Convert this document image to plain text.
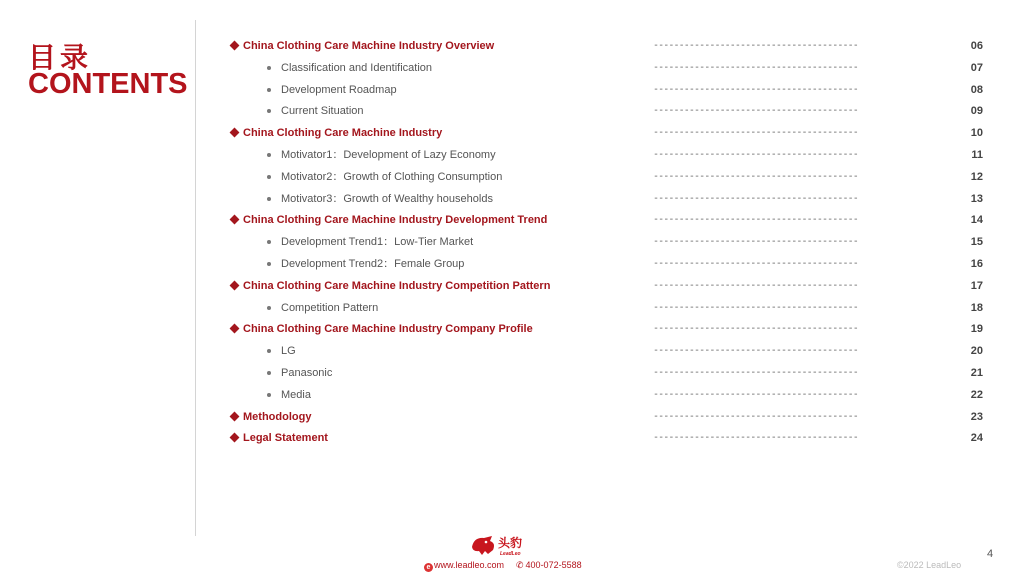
目录
CONTENTS
China Clothing Care Machine Industry Overview	----------------------------------------	06
Classification and Identification	----------------------------------------	07
Development Roadmap	----------------------------------------	08
Current Situation	----------------------------------------	09
China Clothing Care Machine Industry	----------------------------------------	10
Motivator1：Development of Lazy Economy	----------------------------------------	11
Motivator2：Growth of Clothing Consumption	----------------------------------------	12
Motivator3：Growth of Wealthy households	----------------------------------------	13
China Clothing Care Machine Industry Development Trend	----------------------------------------	14
Development Trend1：Low-Tier Market	----------------------------------------	15
Development Trend2：Female Group	----------------------------------------	16
China Clothing Care Machine Industry Competition Pattern	----------------------------------------	17
Competition Pattern	----------------------------------------	18
China Clothing Care Machine Industry Company Profile	----------------------------------------	19
LG	----------------------------------------	20
Panasonic	----------------------------------------	21
Media	----------------------------------------	22
Methodology	----------------------------------------	23
Legal Statement	----------------------------------------	24
头豹
LeadLeo
e www.leadleo.com ✆ 400-072-5588
4
©2022 LeadLeo
